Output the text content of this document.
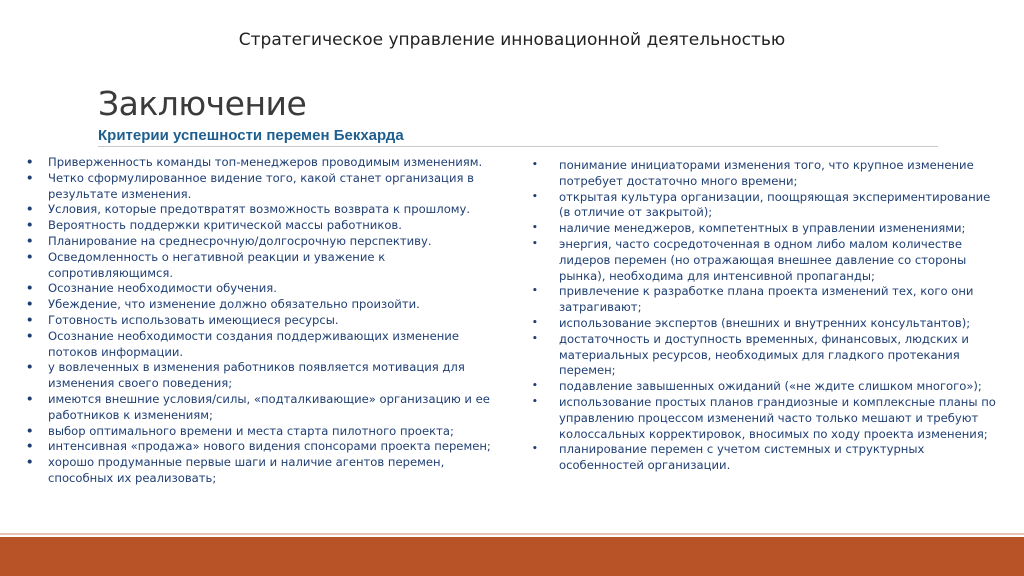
Стратегическое управление инновационной деятельностью
Заключение
Критерии успешности перемен Бекхарда
• Приверженность команды топ-менеджеров проводимым изменениям.
• Четко сформулированное видение того, какой станет организация в результате изменения.
• Условия, которые предотвратят возможность возврата к прошлому.
• Вероятность поддержки критической массы работников.
• Планирование на среднесрочную/долгосрочную перспективу.
• Осведомленность о негативной реакции и уважение к сопротивляющимся.
• Осознание необходимости обучения.
• Убеждение, что изменение должно обязательно произойти.
• Готовность использовать имеющиеся ресурсы.
• Осознание необходимости создания поддерживающих изменение потоков информации.
• у вовлеченных в изменения работников появляется мотивация для изменения своего поведения;
• имеются внешние условия/силы, «подталкивающие» организацию и ее работников к изменениям;
• выбор оптимального времени и места старта пилотного проекта;
• интенсивная «продажа» нового видения спонсорами проекта перемен;
• хорошо продуманные первые шаги и наличие агентов перемен, способных их реализовать;
• понимание инициаторами изменения того, что крупное изменение потребует достаточно много времени;
• открытая культура организации, поощряющая экспериментирование (в отличие от закрытой);
• наличие менеджеров, компетентных в управлении изменениями;
• энергия, часто сосредоточенная в одном либо малом количестве лидеров перемен (но отражающая внешнее давление со стороны рынка), необходима для интенсивной пропаганды;
• привлечение к разработке плана проекта изменений тех, кого они затрагивают;
• использование экспертов (внешних и внутренних консультантов);
• достаточность и доступность временных, финансовых, людских и материальных ресурсов, необходимых для гладкого протекания перемен;
• подавление завышенных ожиданий («не ждите слишком многого»);
• использование простых планов грандиозные и комплексные планы по управлению процессом изменений часто только мешают и требуют колоссальных корректировок, вносимых по ходу проекта изменения;
• планирование перемен с учетом системных и структурных особенностей организации.
